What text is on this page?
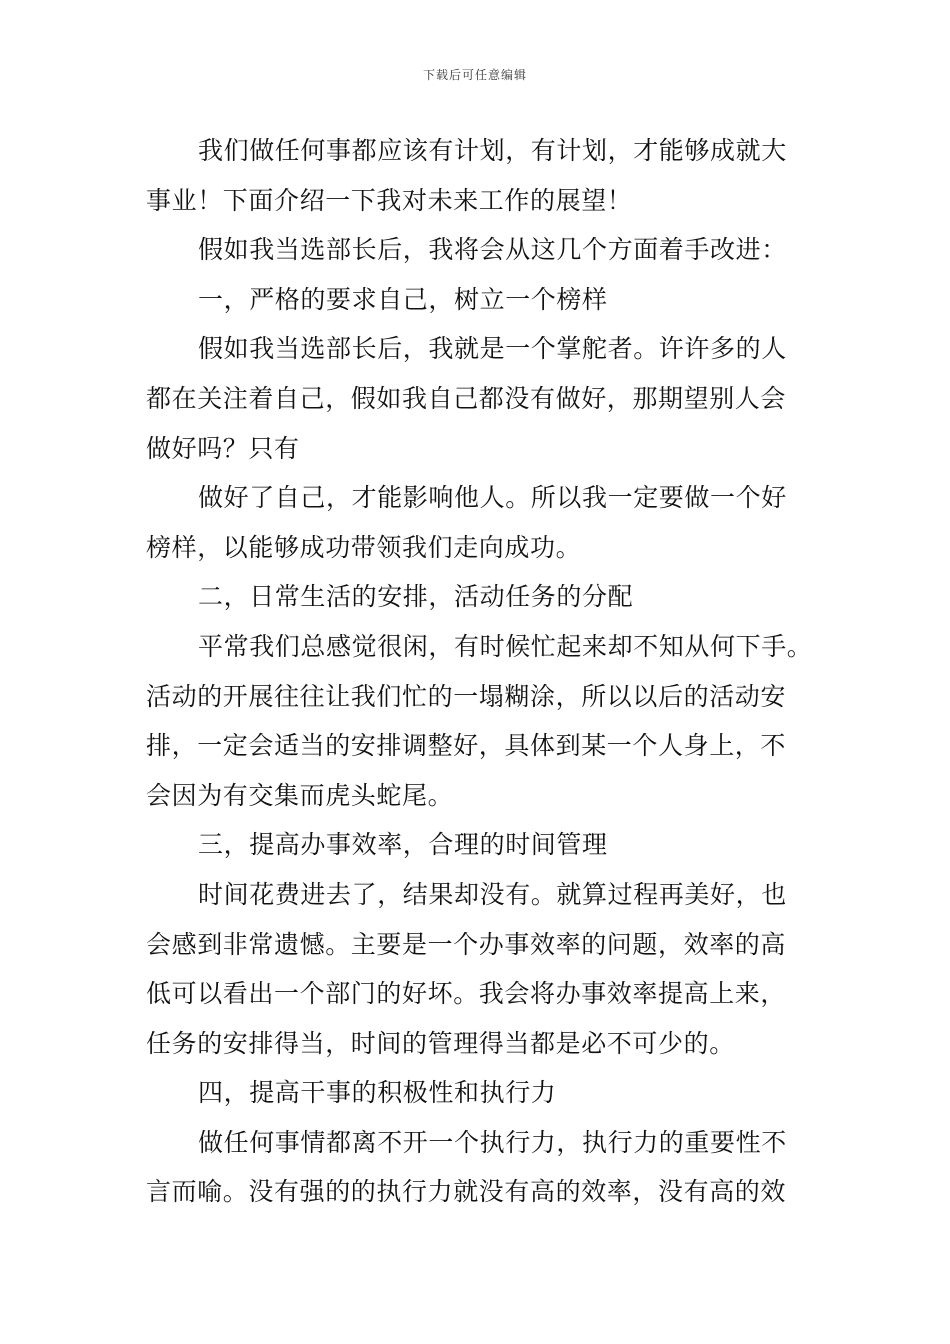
下载后可任意编辑
我们做任何事都应该有计划，有计划，才能够成就大
事业！下面介绍一下我对未来工作的展望！
假如我当选部长后，我将会从这几个方面着手改进：
一，严格的要求自己，树立一个榜样
假如我当选部长后，我就是一个掌舵者。许许多的人
都在关注着自己，假如我自己都没有做好，那期望别人会
做好吗？只有
做好了自己，才能影响他人。所以我一定要做一个好
榜样，以能够成功带领我们走向成功。
二，日常生活的安排，活动任务的分配
平常我们总感觉很闲，有时候忙起来却不知从何下手。
活动的开展往往让我们忙的一塌糊涂，所以以后的活动安
排，一定会适当的安排调整好，具体到某一个人身上，不
会因为有交集而虎头蛇尾。
三，提高办事效率，合理的时间管理
时间花费进去了，结果却没有。就算过程再美好，也
会感到非常遗憾。主要是一个办事效率的问题，效率的高
低可以看出一个部门的好坏。我会将办事效率提高上来，
任务的安排得当，时间的管理得当都是必不可少的。
四，提高干事的积极性和执行力
做任何事情都离不开一个执行力，执行力的重要性不
言而喻。没有强的的执行力就没有高的效率，没有高的效
